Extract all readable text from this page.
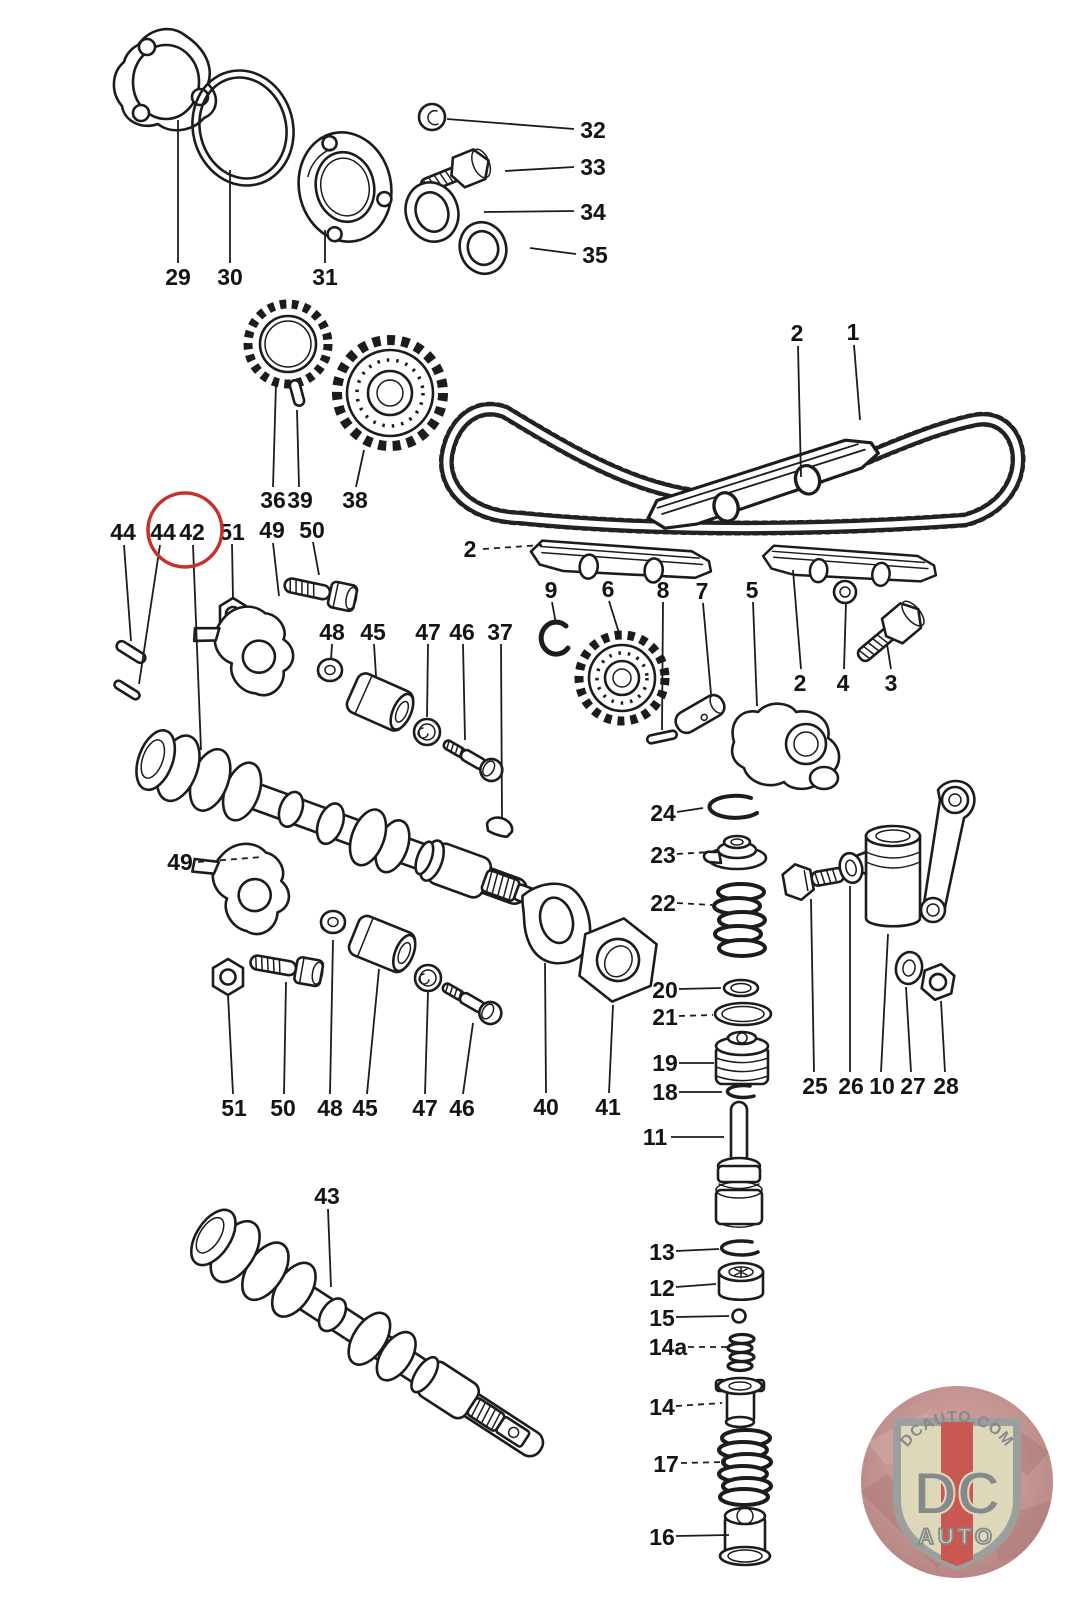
29 30	31
32
33
34
35
36 39 38
2 1
44 44 42 51 49 50
48 45 47 46 37
9 6 8 7 5
2
2 4 3
24
23
22
20
21
19
18	25 26 10 27 28
49
51 50 48 45 47 46	40 41
11
13
12
15
14a
14
17
16
43
DCAUTO.COM
DC
AUTO
